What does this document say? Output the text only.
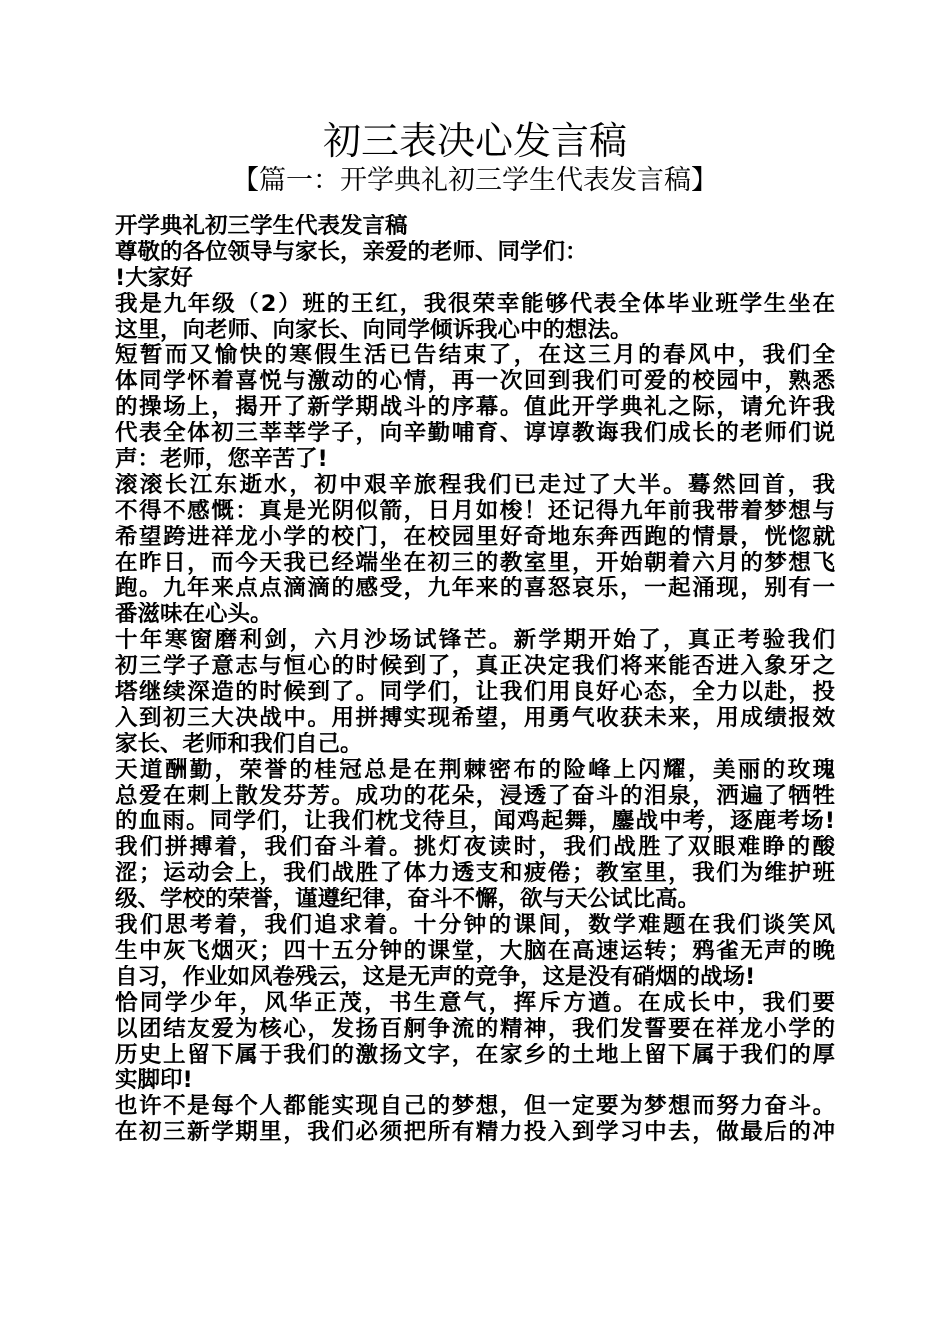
初三表决心发言稿
【篇一：开学典礼初三学生代表发言稿】
开学典礼初三学生代表发言稿
尊敬的各位领导与家长，亲爱的老师、同学们：
!大家好
我是九年级（2）班的王红，我很荣幸能够代表全体毕业班学生坐在
这里，向老师、向家长、向同学倾诉我心中的想法。
短暂而又愉快的寒假生活已告结束了，在这三月的春风中，我们全
体同学怀着喜悦与激动的心情，再一次回到我们可爱的校园中，熟悉
的操场上，揭开了新学期战斗的序幕。值此开学典礼之际，请允许我
代表全体初三莘莘学子，向辛勤哺育、谆谆教诲我们成长的老师们说
声：老师，您辛苦了!
滚滚长江东逝水，初中艰辛旅程我们已走过了大半。蓦然回首，我
不得不感慨：真是光阴似箭，日月如梭！还记得九年前我带着梦想与
希望跨进祥龙小学的校门，在校园里好奇地东奔西跑的情景，恍惚就
在昨日，而今天我已经端坐在初三的教室里，开始朝着六月的梦想飞
跑。九年来点点滴滴的感受，九年来的喜怒哀乐，一起涌现，别有一
番滋味在心头。
十年寒窗磨利剑，六月沙场试锋芒。新学期开始了，真正考验我们
初三学子意志与恒心的时候到了，真正决定我们将来能否进入象牙之
塔继续深造的时候到了。同学们，让我们用良好心态，全力以赴，投
入到初三大决战中。用拼搏实现希望，用勇气收获未来，用成绩报效
家长、老师和我们自己。
天道酬勤，荣誉的桂冠总是在荆棘密布的险峰上闪耀，美丽的玫瑰
总爱在刺上散发芬芳。成功的花朵，浸透了奋斗的泪泉，洒遍了牺牲
的血雨。同学们，让我们枕戈待旦，闻鸡起舞，鏖战中考，逐鹿考场!
我们拼搏着，我们奋斗着。挑灯夜读时，我们战胜了双眼难睁的酸
涩；运动会上，我们战胜了体力透支和疲倦；教室里，我们为维护班
级、学校的荣誉，谨遵纪律，奋斗不懈，欲与天公试比高。
我们思考着，我们追求着。十分钟的课间，数学难题在我们谈笑风
生中灰飞烟灭；四十五分钟的课堂，大脑在高速运转；鸦雀无声的晚
自习，作业如风卷残云，这是无声的竞争，这是没有硝烟的战场!
恰同学少年，风华正茂，书生意气，挥斥方遒。在成长中，我们要
以团结友爱为核心，发扬百舸争流的精神，我们发誓要在祥龙小学的
历史上留下属于我们的激扬文字，在家乡的土地上留下属于我们的厚
实脚印!
也许不是每个人都能实现自己的梦想，但一定要为梦想而努力奋斗。
在初三新学期里，我们必须把所有精力投入到学习中去，做最后的冲
